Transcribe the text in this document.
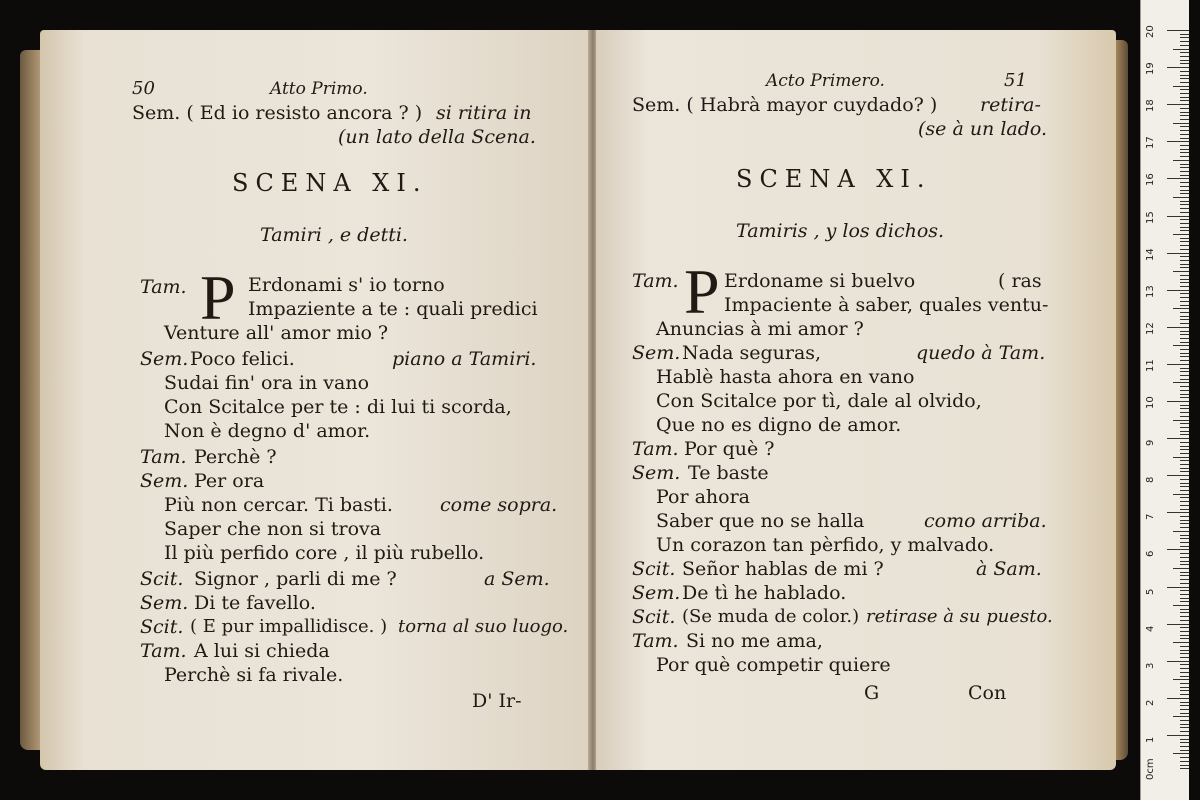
50	Atto Primo.
Sem. ( Ed io resisto ancora ? ) si ritira in
(un lato della Scena.
SCENA XI.
Tamiri , e detti.
Tam. P Erdonami s' io torno
Impaziente a te : quali predici
Venture all' amor mio ?
Sem. Poco felici.	piano a Tamiri.
Sudai fin' ora in vano
Con Scitalce per te : di lui ti scorda,
Non è degno d' amor.
Tam. Perchè ?
Sem. Per ora
Più non cercar. Ti basti. come sopra.
Saper che non si trova
Il più perfido core , il più rubello.
Scit. Signor , parli di me ?	a Sem.
Sem. Di te favello.
Scit. ( E pur impallidisce. ) torna al suo luogo.
Tam. A lui si chieda
Perchè si fa rivale.
D' Ir-
Acto Primero.	51
Sem. ( Habrà mayor cuydado? ) retira-
(se à un lado.
SCENA XI.
Tamiris , y los dichos.
Tam. P Erdoname si buelvo	( ras
Impaciente à saber, quales ventu-
Anuncias à mi amor ?
Sem. Nada seguras,	quedo à Tam.
Hablè hasta ahora en vano
Con Scitalce por tì, dale al olvido,
Que no es digno de amor.
Tam. Por què ?
Sem. Te baste
Por ahora
Saber que no se halla	como arriba.
Un corazon tan pèrfido, y malvado.
Scit. Señor hablas de mi ?	à Sam.
Sem. De tì he hablado.
Scit. (Se muda de color.) retirase à su puesto.
Tam. Si no me ama,
Por què competir quiere
G	Con
20
19
18
17
16
15
14
13
12
11
10
9
8
7
6
5
4
3
2
1
0cm
